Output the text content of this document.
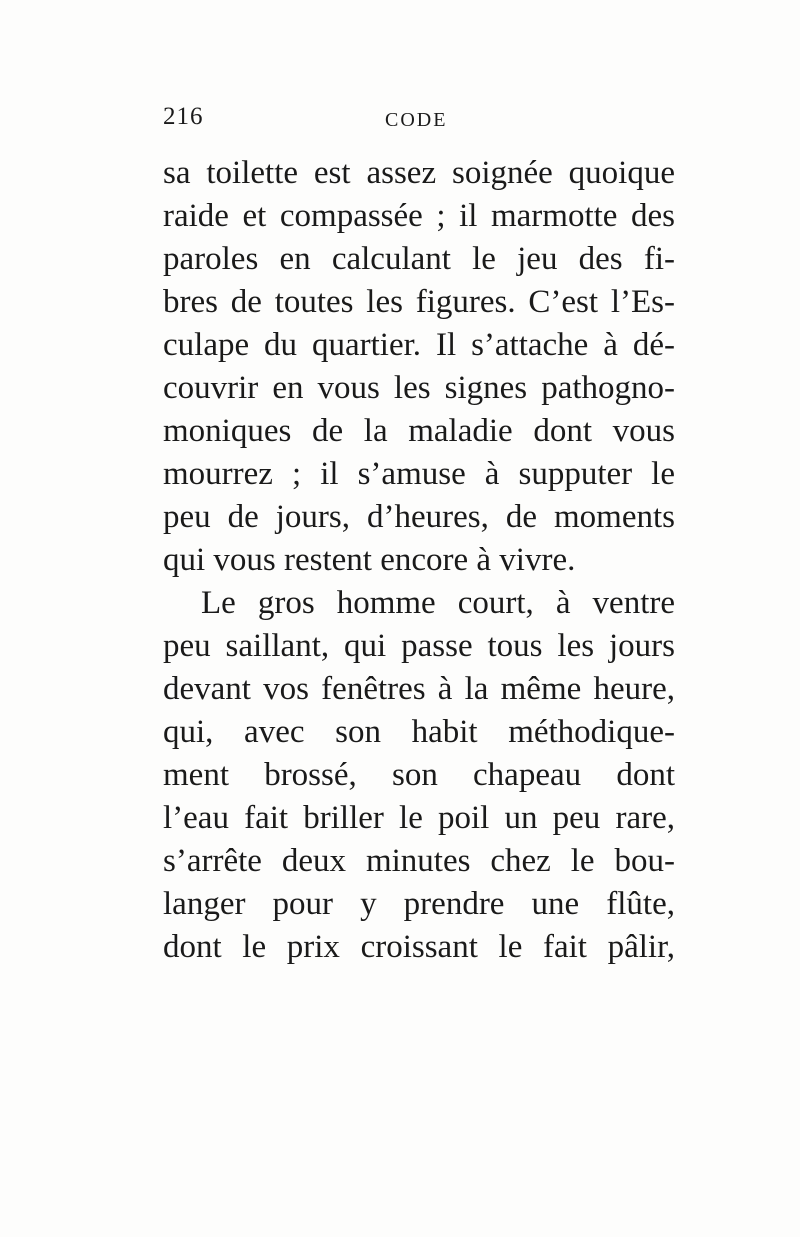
216	CODE
sa toilette est assez soignée quoique
raide et compassée ; il marmotte des
paroles en calculant le jeu des fi-
bres de toutes les figures. C’est l’Es-
culape du quartier. Il s’attache à dé-
couvrir en vous les signes pathogno-
moniques de la maladie dont vous
mourrez ; il s’amuse à supputer le
peu de jours, d’heures, de moments
qui vous restent encore à vivre.
Le gros homme court, à ventre
peu saillant, qui passe tous les jours
devant vos fenêtres à la même heure,
qui, avec son habit méthodique-
ment brossé, son chapeau dont
l’eau fait briller le poil un peu rare,
s’arrête deux minutes chez le bou-
langer pour y prendre une flûte,
dont le prix croissant le fait pâlir,
